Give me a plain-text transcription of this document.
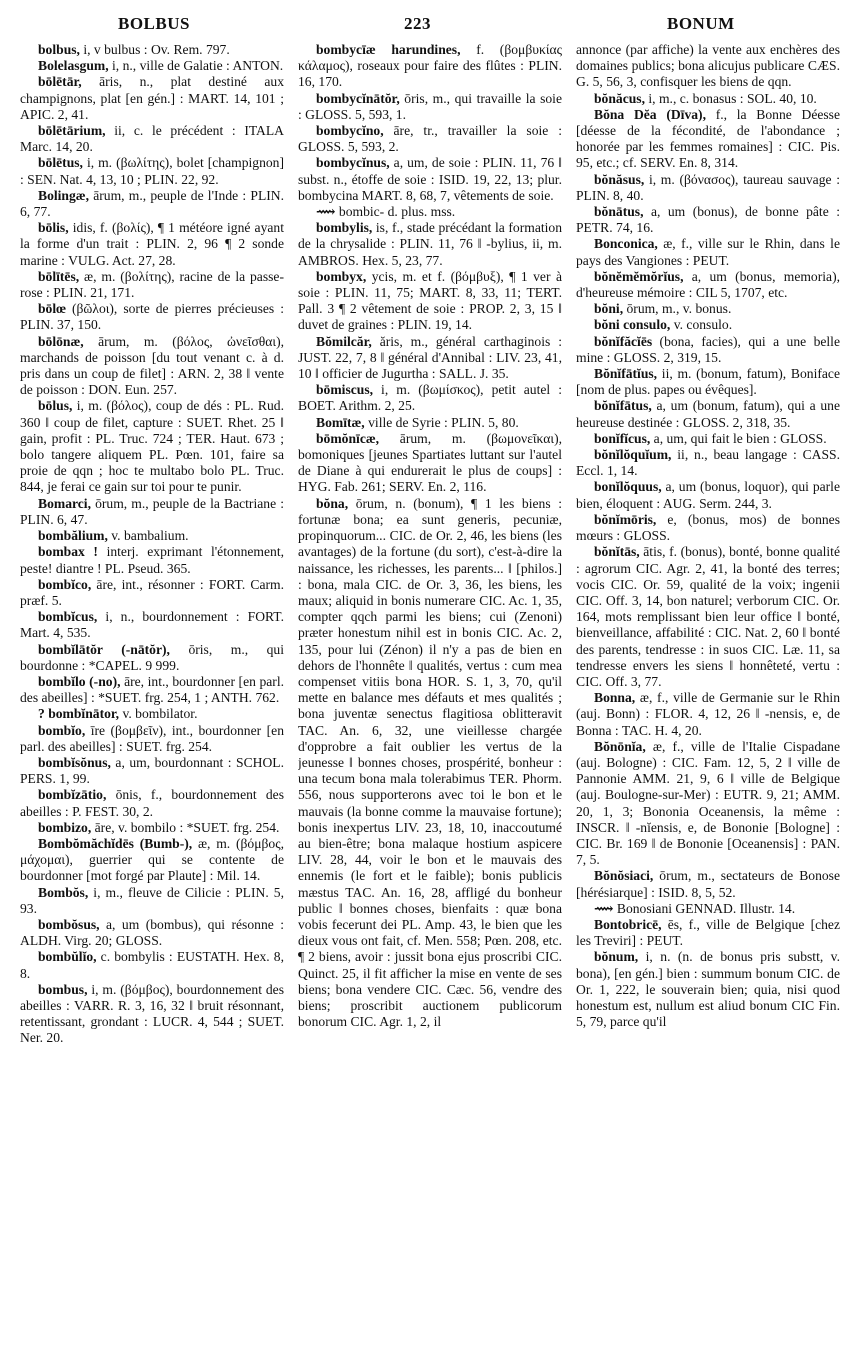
BOLBUS	223	BONUM

bolbus, i, v bulbus : Ov. Rem. 797.

Bolelasgum, i, n., ville de Galatie : ANTON.

bōlētār, āris, n., plat destiné aux champignons, plat [en gén.] : MART. 14, 101 ; APIC. 2, 41.

bōlētārium, ii, c. le précédent : ITALA Marc. 14, 20.

bōlētus, i, m. (βωλίτης), bolet [champignon] : SEN. Nat. 4, 13, 10 ; PLIN. 22, 92.

Bolingæ, ārum, m., peuple de l'Inde : PLIN. 6, 77.

bōlis, idis, f. (βολίς), ¶ 1 météore igné ayant la forme d'un trait : PLIN. 2, 96 ¶ 2 sonde marine : VULG. Act. 27, 28.

bōlītēs, æ, m. (βολίτης), racine de la passe-rose : PLIN. 21, 171.

bōlœ (βῶλοι), sorte de pierres précieuses : PLIN. 37, 150.

bōlōnæ, ārum, m. (βόλος, ὠνεῖσθαι), marchands de poisson [du tout venant c. à d. pris dans un coup de filet] : ARN. 2, 38 ‖ vente de poisson : DON. Eun. 257.

bōlus, i, m. (βόλος), coup de dés : PL. Rud. 360 ‖ coup de filet, capture : SUET. Rhet. 25 ‖ gain, profit : PL. Truc. 724 ; TER. Haut. 673 ; bolo tangere aliquem PL. Pœn. 101, faire sa proie de qqn ; hoc te multabo bolo PL. Truc. 844, je ferai ce gain sur toi pour te punir.

Bomarci, ōrum, m., peuple de la Bactriane : PLIN. 6, 47.

bombălium, v. bambalium.

bombax ! interj. exprimant l'étonnement, peste! diantre ! PL. Pseud. 365.

bombĭco, āre, int., résonner : FORT. Carm. præf. 5.

bombĭcus, i, n., bourdonnement : FORT. Mart. 4, 535.

bombĭlātŏr (-nātŏr), ōris, m., qui bourdonne : *CAPEL. 9 999.

bombĭlo (-no), āre, int., bourdonner [en parl. des abeilles] : *SUET. frg. 254, 1 ; ANTH. 762.

? bombĭnātor, v. bombilator.

bombĭo, īre (βομβεῖν), int., bourdonner [en parl. des abeilles] : SUET. frg. 254.

bombĭsŏnus, a, um, bourdonnant : SCHOL. PERS. 1, 99.

bombĭzātio, ōnis, f., bourdonnement des abeilles : P. FEST. 30, 2.

bombizo, āre, v. bombilo : *SUET. frg. 254.

Bombŏmăchĭdēs (Bumb-), æ, m. (βόμβος, μάχομαι), guerrier qui se contente de bourdonner [mot forgé par Plaute] : Mil. 14.

Bombŏs, i, m., fleuve de Cilicie : PLIN. 5, 93.

bombŏsus, a, um (bombus), qui résonne : ALDH. Virg. 20; GLOSS.

bombŭlĭo, c. bombylis : EUSTATH. Hex. 8, 8.

bombus, i, m. (βόμβος), bourdonnement des abeilles : VARR. R. 3, 16, 32 ‖ bruit résonnant, retentissant, grondant : LUCR. 4, 544 ; SUET. Ner. 20.

bombycīæ harundines, f. (βομβυκίας κάλαμος), roseaux pour faire des flûtes : PLIN. 16, 170.

bombycĭnātŏr, ōris, m., qui travaille la soie : GLOSS. 5, 593, 1.

bombycĭno, āre, tr., travailler la soie : GLOSS. 5, 593, 2.

bombycĭnus, a, um, de soie : PLIN. 11, 76 ‖ subst. n., étoffe de soie : ISID. 19, 22, 13; plur. bombycina MART. 8, 68, 7, vêtements de soie.

⟿ bombic- d. plus. mss.

bombylis, is, f., stade précédant la formation de la chrysalide : PLIN. 11, 76 ‖ -bylius, ii, m. AMBROS. Hex. 5, 23, 77.

bombyx, ycis, m. et f. (βόμβυξ), ¶ 1 ver à soie : PLIN. 11, 75; MART. 8, 33, 11; TERT. Pall. 3 ¶ 2 vêtement de soie : PROP. 2, 3, 15 ‖ duvet de graines : PLIN. 19, 14.

Bŏmilcăr, ăris, m., général carthaginois : JUST. 22, 7, 8 ‖ général d'Annibal : LIV. 23, 41, 10 ‖ officier de Jugurtha : SALL. J. 35.

bōmiscus, i, m. (βωμίσκος), petit autel : BOET. Arithm. 2, 25.

Bomītæ, ville de Syrie : PLIN. 5, 80.

bōmŏnīcæ, ārum, m. (βωμονεῖκαι), bomoniques [jeunes Spartiates luttant sur l'autel de Diane à qui endurerait le plus de coups] : HYG. Fab. 261; SERV. En. 2, 116.

bŏna, ōrum, n. (bonum), ¶ 1 les biens : fortunæ bona; ea sunt generis, pecuniæ, propinquorum... CIC. de Or. 2, 46, les biens (les avantages) de la fortune (du sort), c'est-à-dire la naissance, les richesses, les parents... ‖ [philos.] : bona, mala CIC. de Or. 3, 36, les biens, les maux; aliquid in bonis numerare CIC. Ac. 1, 35, compter qqch parmi les biens; cui (Zenoni) præter honestum nihil est in bonis CIC. Ac. 2, 135, pour lui (Zénon) il n'y a pas de bien en dehors de l'honnête ‖ qualités, vertus : cum mea compenset vitiis bona HOR. S. 1, 3, 70, qu'il mette en balance mes défauts et mes qualités ; bona juventæ senectus flagitiosa oblitteravit TAC. An. 6, 32, une vieillesse chargée d'opprobre a fait oublier les vertus de la jeunesse ‖ bonnes choses, prospérité, bonheur : una tecum bona mala tolerabimus TER. Phorm. 556, nous supporterons avec toi le bon et le mauvais (la bonne comme la mauvaise fortune); bonis inexpertus LIV. 23, 18, 10, inaccoutumé au bien-être; bona malaque hostium aspicere LIV. 28, 44, voir le bon et le mauvais des ennemis (le fort et le faible); bonis publicis mæstus TAC. An. 16, 28, affligé du bonheur public ‖ bonnes choses, bienfaits : quæ bona vobis fecerunt dei PL. Amp. 43, le bien que les dieux vous ont fait, cf. Men. 558; Pœn. 208, etc. ¶ 2 biens, avoir : jussit bona ejus proscribi CIC. Quinct. 25, il fit afficher la mise en vente de ses biens; bona vendere CIC. Cæc. 56, vendre des biens; proscribit auctionem publicorum bonorum CIC. Agr. 1, 2, il

annonce (par affiche) la vente aux enchères des domaines publics; bona alicujus publicare CÆS. G. 5, 56, 3, confisquer les biens de qqn.

bŏnăcus, i, m., c. bonasus : SOL. 40, 10.

Bŏna Dĕa (Dīva), f., la Bonne Déesse [déesse de la fécondité, de l'abondance ; honorée par les femmes romaines] : CIC. Pis. 95, etc.; cf. SERV. En. 8, 314.

bŏnăsus, i, m. (βόνασος), taureau sauvage : PLIN. 8, 40.

bŏnātus, a, um (bonus), de bonne pâte : PETR. 74, 16.

Bonconica, æ, f., ville sur le Rhin, dans le pays des Vangiones : PEUT.

bŏnĕmĕmŏrĭus, a, um (bonus, memoria), d'heureuse mémoire : CIL 5, 1707, etc.

bŏni, ōrum, m., v. bonus.

bŏni consulo, v. consulo.

bŏnĭfăcĭēs (bona, facies), qui a une belle mine : GLOSS. 2, 319, 15.

Bŏnĭfātĭus, ii, m. (bonum, fatum), Boniface [nom de plus. papes ou évêques].

bŏnĭfātus, a, um (bonum, fatum), qui a une heureuse destinée : GLOSS. 2, 318, 35.

bonĭfĭcus, a, um, qui fait le bien : GLOSS.

bŏnĭlŏquĭum, ii, n., beau langage : CASS. Eccl. 1, 14.

bonĭlŏquus, a, um (bonus, loquor), qui parle bien, éloquent : AUG. Serm. 244, 3.

bŏnĭmōris, e, (bonus, mos) de bonnes mœurs : GLOSS.

bŏnĭtās, ātis, f. (bonus), bonté, bonne qualité : agrorum CIC. Agr. 2, 41, la bonté des terres; vocis CIC. Or. 59, qualité de la voix; ingenii CIC. Off. 3, 14, bon naturel; verborum CIC. Or. 164, mots remplissant bien leur office ‖ bonté, bienveillance, affabilité : CIC. Nat. 2, 60 ‖ bonté des parents, tendresse : in suos CIC. Læ. 11, sa tendresse envers les siens ‖ honnêteté, vertu : CIC. Off. 3, 77.

Bonna, æ, f., ville de Germanie sur le Rhin (auj. Bonn) : FLOR. 4, 12, 26 ‖ -nensis, e, de Bonna : TAC. H. 4, 20.

Bŏnōnĭa, æ, f., ville de l'Italie Cispadane (auj. Bologne) : CIC. Fam. 12, 5, 2 ‖ ville de Pannonie AMM. 21, 9, 6 ‖ ville de Belgique (auj. Boulogne-sur-Mer) : EUTR. 9, 21; AMM. 20, 1, 3; Bononia Oceanensis, la même : INSCR. ‖ -nĭensis, e, de Bononie [Bologne] : CIC. Br. 169 ‖ de Bononie [Oceanensis] : PAN. 7, 5.

Bŏnŏsiaci, ōrum, m., sectateurs de Bonose [hérésiarque] : ISID. 8, 5, 52.

⟿ Bonosiani GENNAD. Illustr. 14.

Bontobricē, ēs, f., ville de Belgique [chez les Treviri] : PEUT.

bŏnum, i, n. (n. de bonus pris substt, v. bona), [en gén.] bien : summum bonum CIC. de Or. 1, 222, le souverain bien; quia, nisi quod honestum est, nullum est aliud bonum CIC Fin. 5, 79, parce qu'il
